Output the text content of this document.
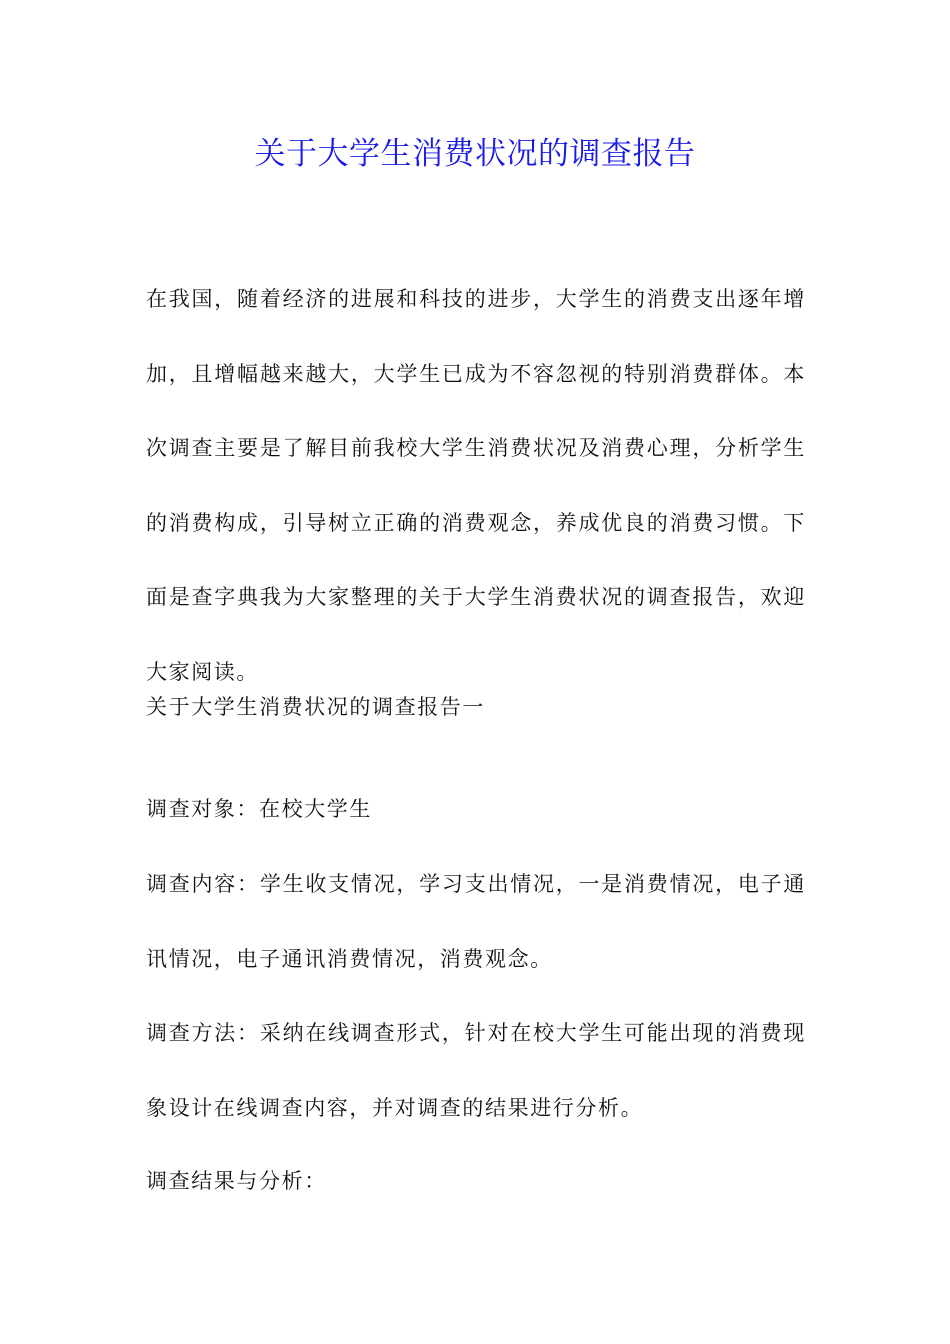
关于大学生消费状况的调查报告
在我国，随着经济的进展和科技的进步，大学生的消费支出逐年增加，且增幅越来越大，大学生已成为不容忽视的特别消费群体。本次调查主要是了解目前我校大学生消费状况及消费心理，分析学生的消费构成，引导树立正确的消费观念，养成优良的消费习惯。下面是查字典我为大家整理的关于大学生消费状况的调查报告，欢迎大家阅读。
关于大学生消费状况的调查报告一
调查对象：在校大学生
调查内容：学生收支情况，学习支出情况，一是消费情况，电子通讯情况，电子通讯消费情况，消费观念。
调查方法：采纳在线调查形式，针对在校大学生可能出现的消费现象设计在线调查内容，并对调查的结果进行分析。
调查结果与分析：
